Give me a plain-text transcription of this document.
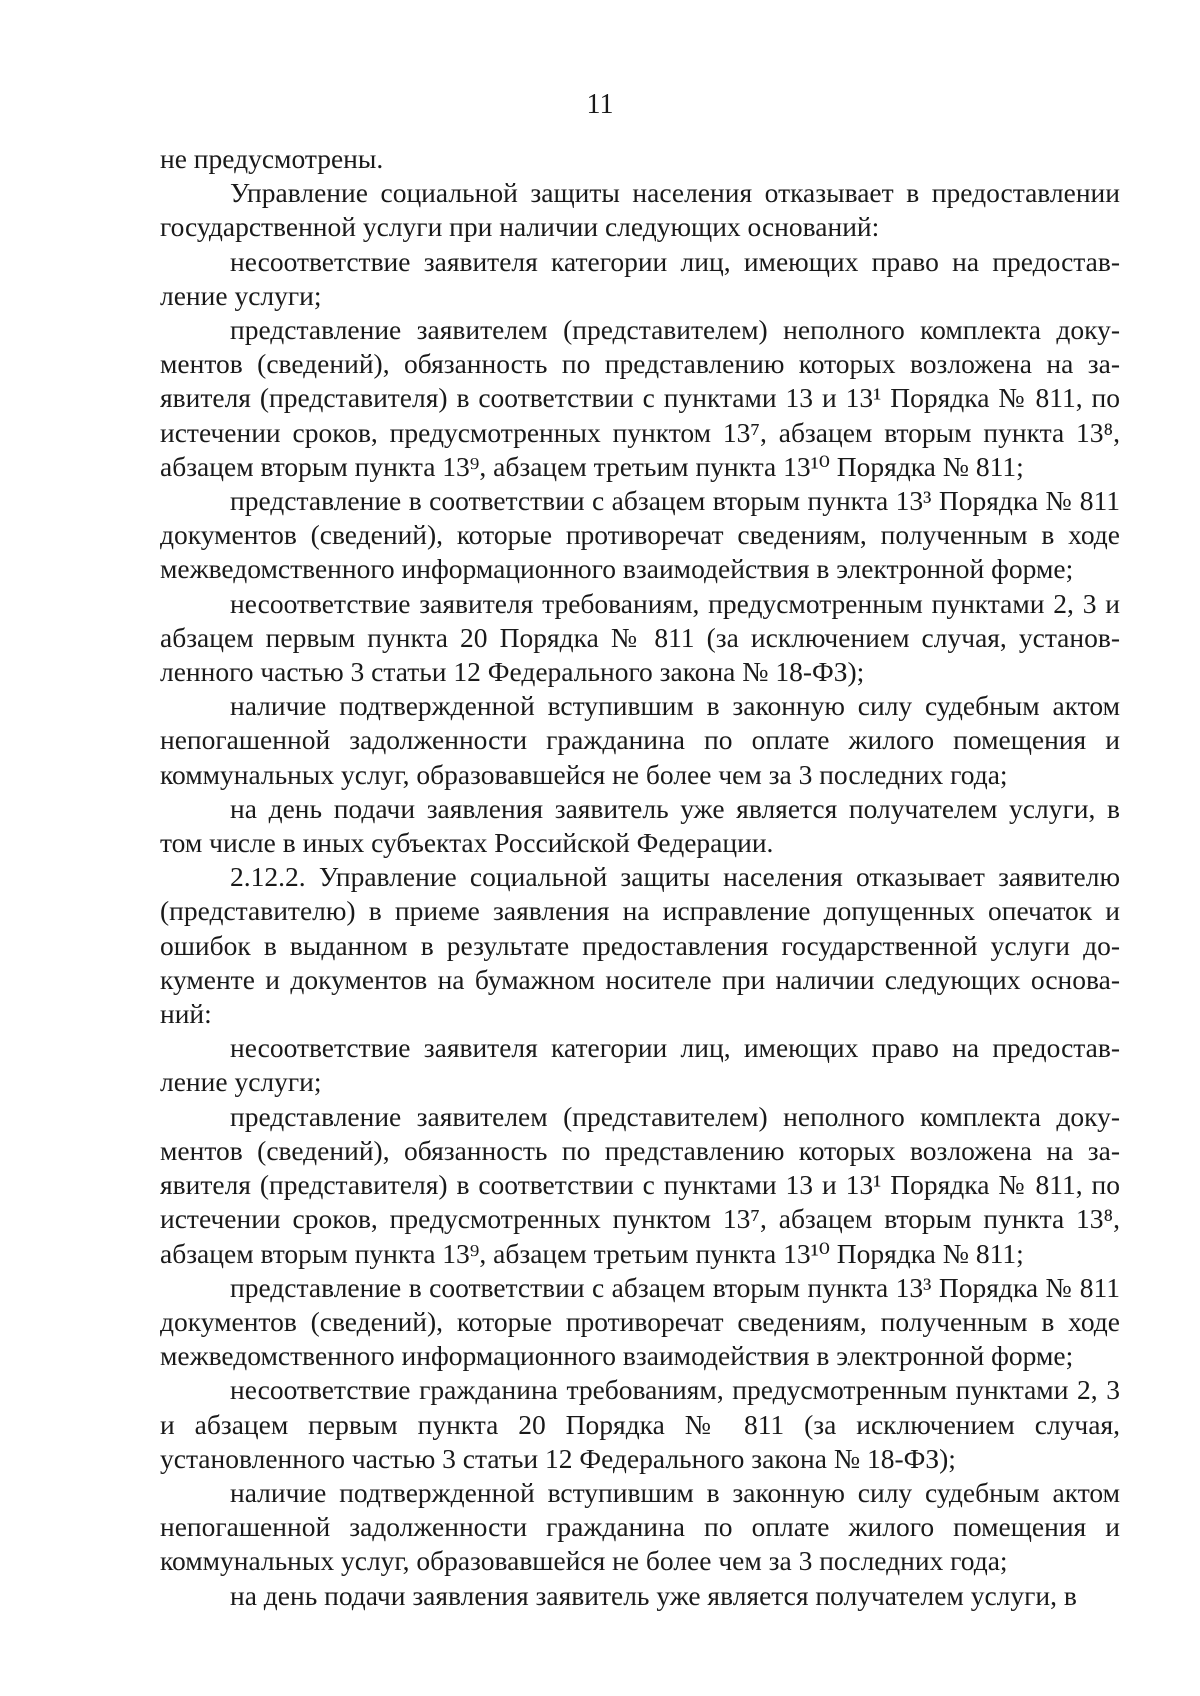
11

не предусмотрены.

Управление социальной защиты населения отказывает в предоставлении государственной услуги при наличии следующих оснований:

несоответствие заявителя категории лиц, имеющих право на предоставление услуги;

представление заявителем (представителем) неполного комплекта документов (сведений), обязанность по представлению которых возложена на заявителя (представителя) в соответствии с пунктами 13 и 13¹ Порядка № 811, по истечении сроков, предусмотренных пунктом 13⁷, абзацем вторым пункта 13⁸, абзацем вторым пункта 13⁹, абзацем третьим пункта 13¹⁰ Порядка № 811;

представление в соответствии с абзацем вторым пункта 13³ Порядка № 811 документов (сведений), которые противоречат сведениям, полученным в ходе межведомственного информационного взаимодействия в электронной форме;

несоответствие заявителя требованиям, предусмотренным пунктами 2, 3 и абзацем первым пункта 20 Порядка № 811 (за исключением случая, установленного частью 3 статьи 12 Федерального закона № 18-ФЗ);

наличие подтвержденной вступившим в законную силу судебным актом непогашенной задолженности гражданина по оплате жилого помещения и коммунальных услуг, образовавшейся не более чем за 3 последних года;

на день подачи заявления заявитель уже является получателем услуги, в том числе в иных субъектах Российской Федерации.

2.12.2. Управление социальной защиты населения отказывает заявителю (представителю) в приеме заявления на исправление допущенных опечаток и ошибок в выданном в результате предоставления государственной услуги документе и документов на бумажном носителе при наличии следующих оснований:

несоответствие заявителя категории лиц, имеющих право на предоставление услуги;

представление заявителем (представителем) неполного комплекта документов (сведений), обязанность по представлению которых возложена на заявителя (представителя) в соответствии с пунктами 13 и 13¹ Порядка № 811, по истечении сроков, предусмотренных пунктом 13⁷, абзацем вторым пункта 13⁸, абзацем вторым пункта 13⁹, абзацем третьим пункта 13¹⁰ Порядка № 811;

представление в соответствии с абзацем вторым пункта 13³ Порядка № 811 документов (сведений), которые противоречат сведениям, полученным в ходе межведомственного информационного взаимодействия в электронной форме;

несоответствие гражданина требованиям, предусмотренным пунктами 2, 3 и абзацем первым пункта 20 Порядка № 811 (за исключением случая, установленного частью 3 статьи 12 Федерального закона № 18-ФЗ);

наличие подтвержденной вступившим в законную силу судебным актом непогашенной задолженности гражданина по оплате жилого помещения и коммунальных услуг, образовавшейся не более чем за 3 последних года;

на день подачи заявления заявитель уже является получателем услуги, в
